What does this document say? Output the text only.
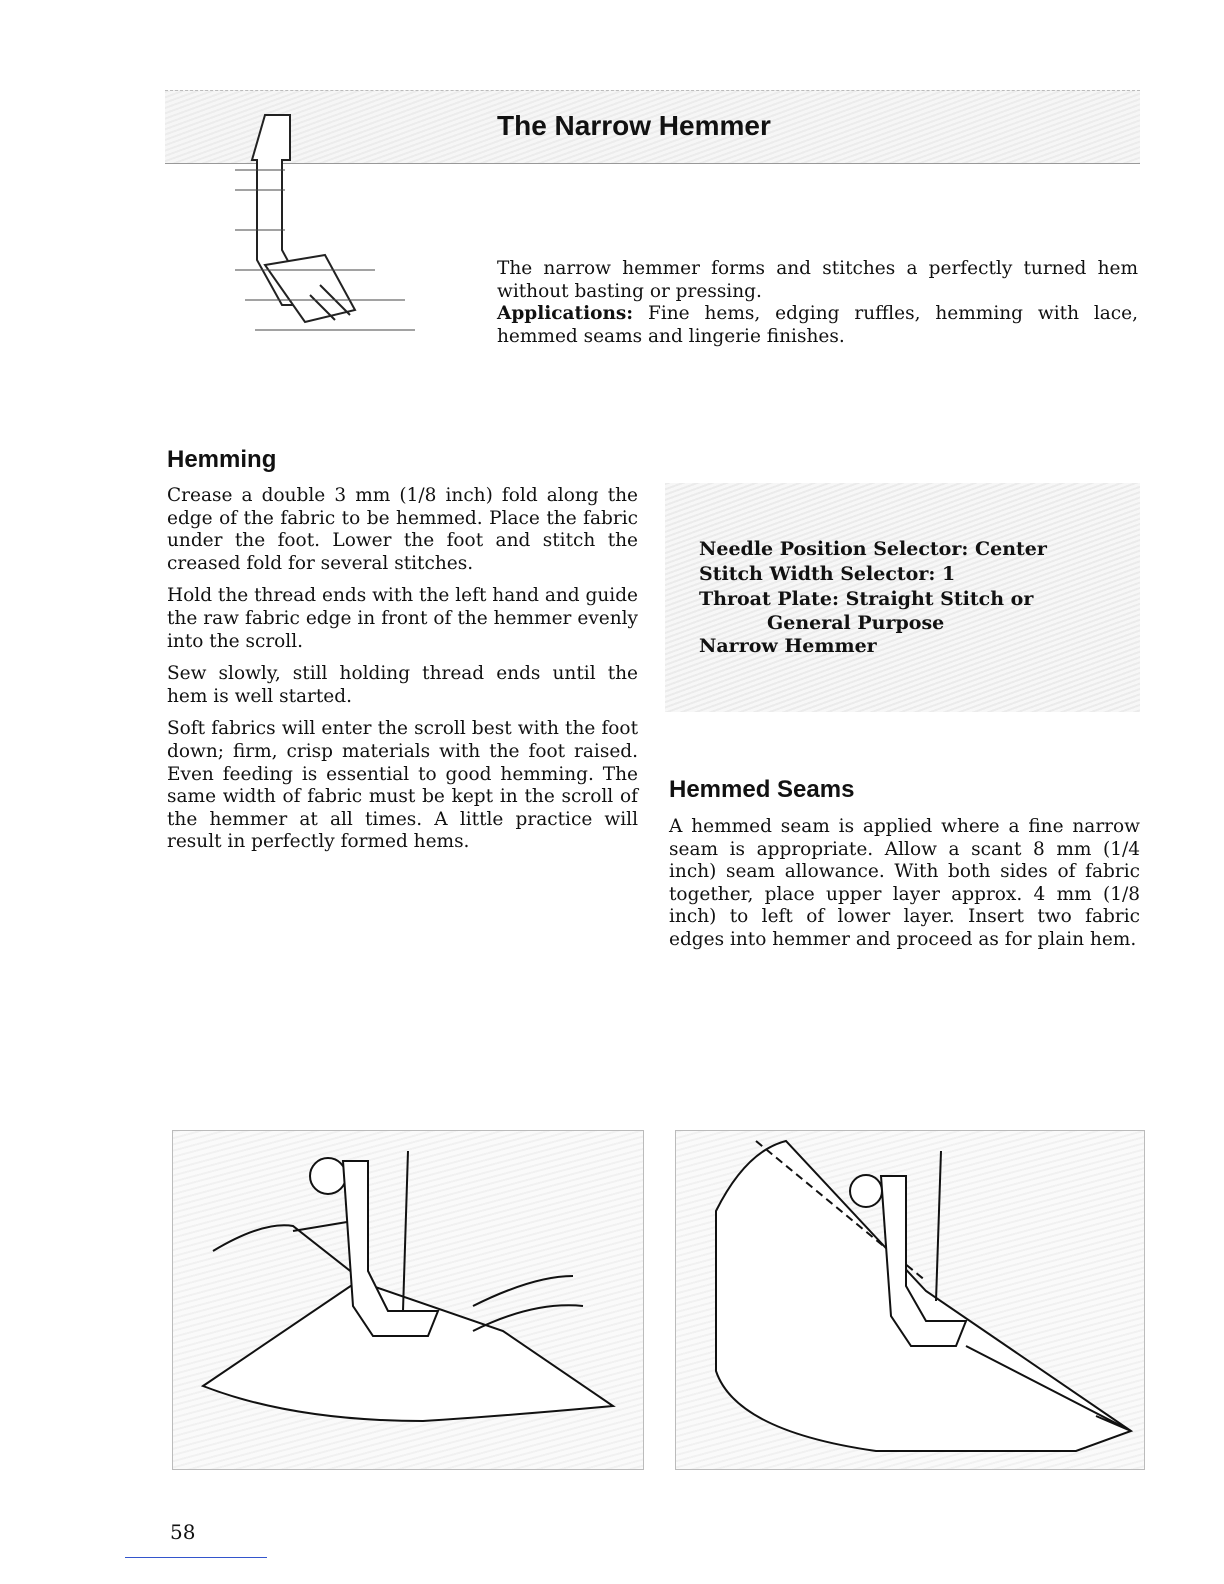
The Narrow Hemmer

The narrow hemmer forms and stitches a perfectly turned hem without basting or pressing.
Applications: Fine hems, edging ruffles, hemming with lace, hemmed seams and lingerie finishes.

Hemming

Crease a double 3 mm (1/8 inch) fold along the edge of the fabric to be hemmed. Place the fabric under the foot. Lower the foot and stitch the creased fold for several stitches.

Hold the thread ends with the left hand and guide the raw fabric edge in front of the hemmer evenly into the scroll.

Sew slowly, still holding thread ends until the hem is well started.

Soft fabrics will enter the scroll best with the foot down; firm, crisp materials with the foot raised. Even feeding is essential to good hemming. The same width of fabric must be kept in the scroll of the hemmer at all times. A little practice will result in perfectly formed hems.

Needle Position Selector: Center
Stitch Width Selector: 1
Throat Plate: Straight Stitch or
General Purpose
Narrow Hemmer
Hemmed Seams

A hemmed seam is applied where a fine narrow seam is appropriate. Allow a scant 8 mm (1/4 inch) seam allowance. With both sides of fabric together, place upper layer approx. 4 mm (1/8 inch) to left of lower layer. Insert two fabric edges into hemmer and proceed as for plain hem.

58
